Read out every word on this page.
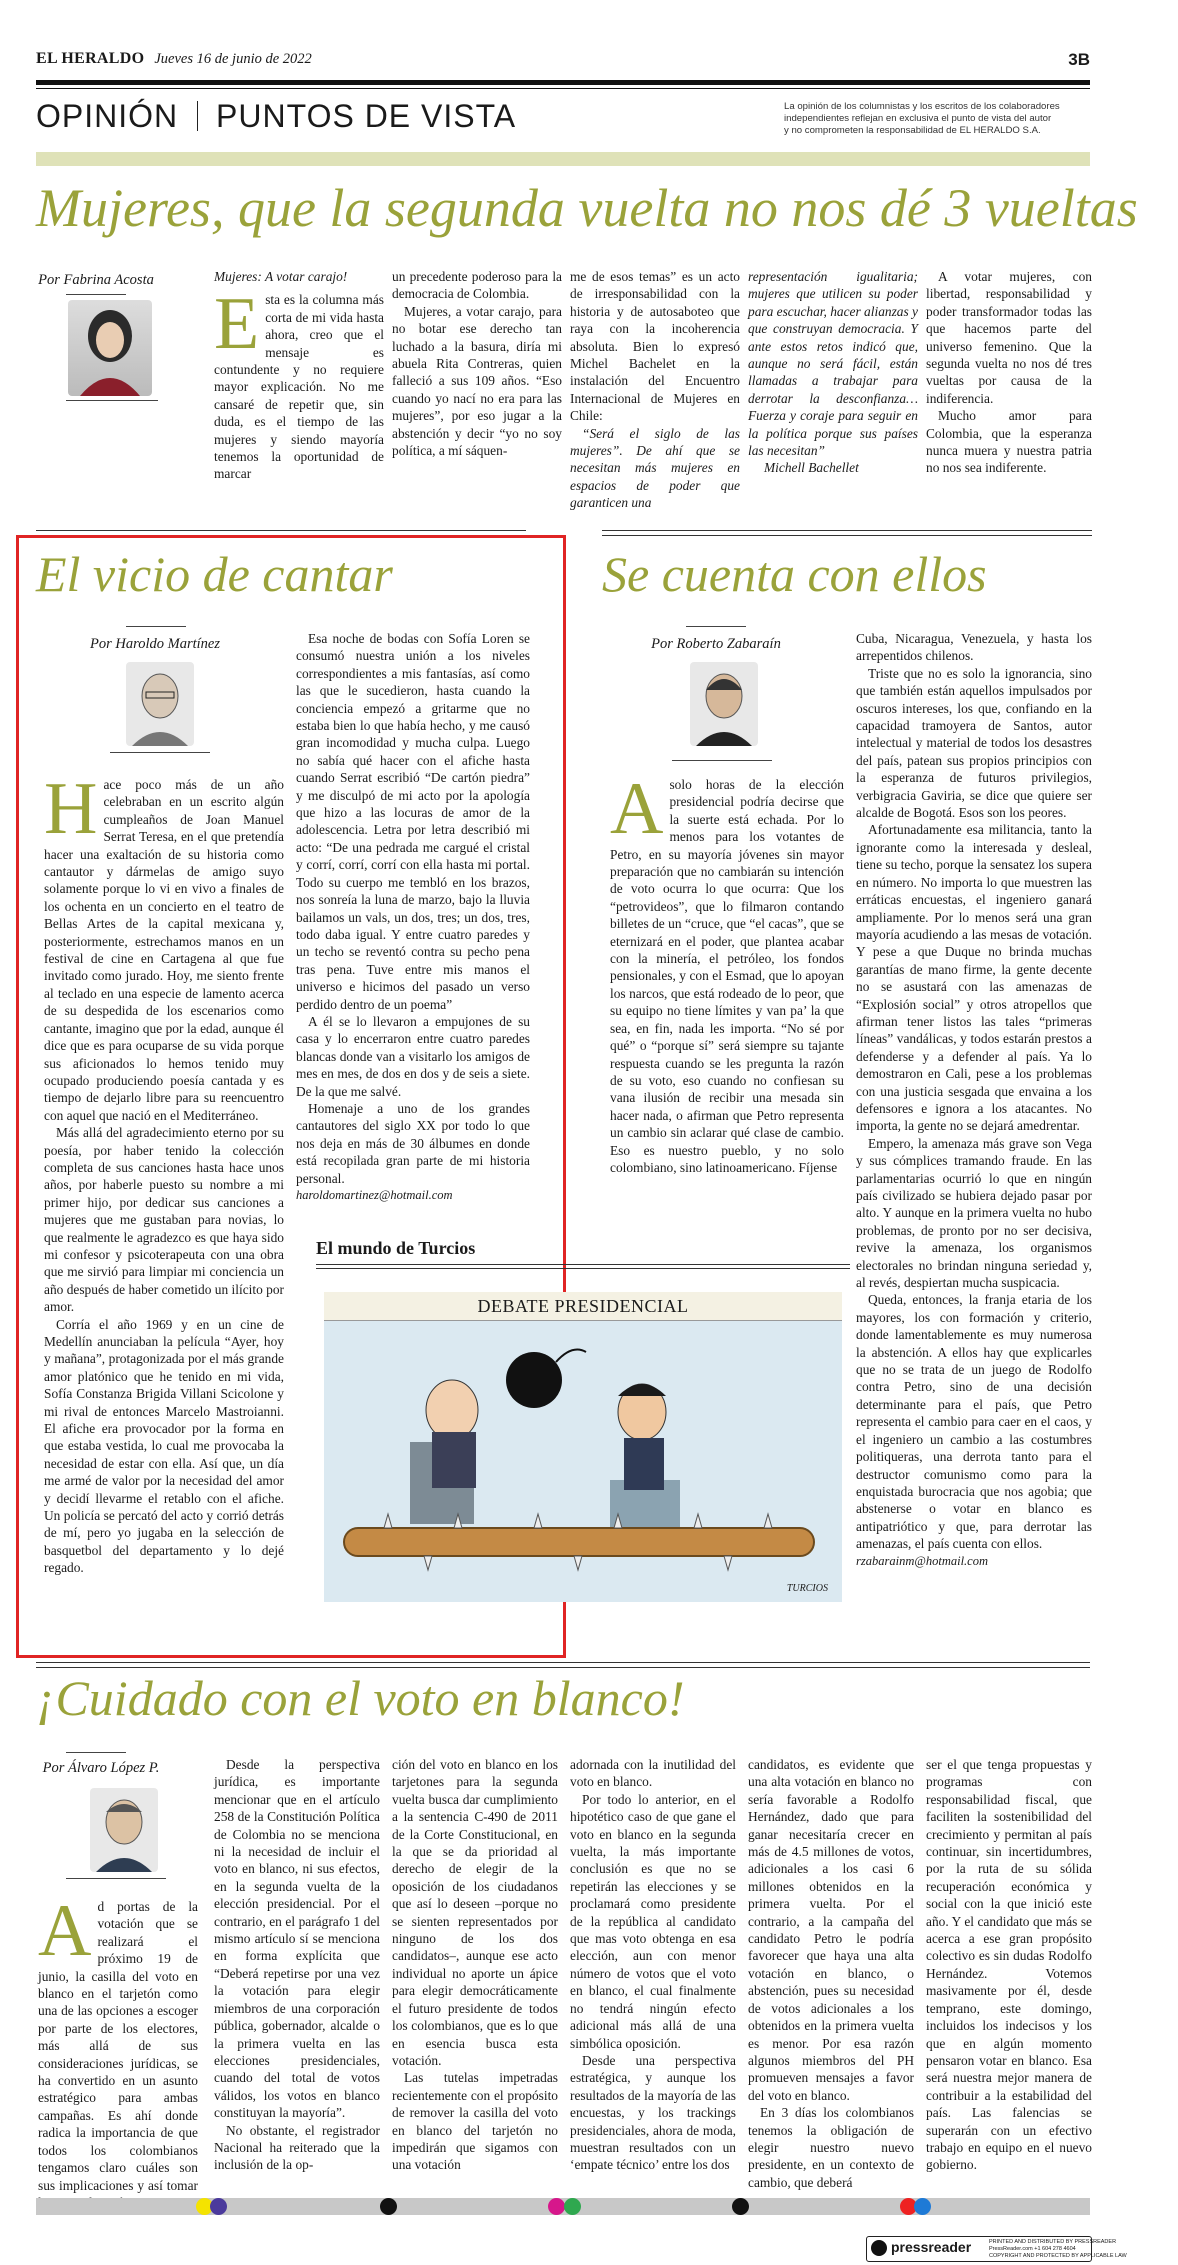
EL HERALDO Jueves 16 de junio de 2022	3B
OPINIÓN PUNTOS DE VISTA	La opinión de los columnistas y los escritos de los colaboradores
independientes reflejan en exclusiva el punto de vista del autor
y no comprometen la responsabilidad de EL HERALDO S.A.
Mujeres, que la segunda vuelta no nos dé 3 vueltas
Por Fabrina Acosta	Mujeres: A votar carajo!

Esta es la columna más corta de mi vida hasta ahora, creo que el mensaje es contundente y no requiere mayor explicación. No me cansaré de repetir que, sin duda, es el tiempo de las mujeres y siendo mayoría tenemos la oportunidad de marcar

un precedente poderoso para la democracia de Colombia.

Mujeres, a votar carajo, para no botar ese derecho tan luchado a la basura, diría mi abuela Rita Contreras, quien falleció a sus 109 años. “Eso cuando yo nací no era para las mujeres”, por eso jugar a la abstención y decir “yo no soy política, a mí sáquen-

me de esos temas” es un acto de irresponsabilidad con la historia y de autosaboteo que raya con la incoherencia absoluta. Bien lo expresó Michel Bachelet en la instalación del Encuentro Internacional de Mujeres en Chile:

“Será el siglo de las mujeres”. De ahí que se necesitan más mujeres en espacios de poder que garanticen una

representación igualitaria; mujeres que utilicen su poder para escuchar, hacer alianzas y que construyan democracia. Y ante estos retos indicó que, aunque no será fácil, están llamadas a trabajar para derrotar la desconfianza… Fuerza y coraje para seguir en la política porque sus países las necesitan”

Michell Bachellet

A votar mujeres, con libertad, responsabilidad y poder transformador todas las que hacemos parte del universo femenino. Que la segunda vuelta no nos dé tres vueltas por causa de la indiferencia.

Mucho amor para Colombia, que la esperanza nunca muera y nuestra patria no nos sea indiferente.

El vicio de cantar
Por Haroldo Martínez

Hace poco más de un año celebraban en un escrito algún cumpleaños de Joan Manuel Serrat Teresa, en el que pretendía hacer una exaltación de su historia como cantautor y dármelas de amigo suyo solamente porque lo vi en vivo a finales de los ochenta en un concierto en el teatro de Bellas Artes de la capital mexicana y, posteriormente, estrechamos manos en un festival de cine en Cartagena al que fue invitado como jurado. Hoy, me siento frente al teclado en una especie de lamento acerca de su despedida de los escenarios como cantante, imagino que por la edad, aunque él dice que es para ocuparse de su vida porque sus aficionados lo hemos tenido muy ocupado produciendo poesía cantada y es tiempo de dejarlo libre para su reencuentro con aquel que nació en el Mediterráneo.

Más allá del agradecimiento eterno por su poesía, por haber tenido la colección completa de sus canciones hasta hace unos años, por haberle puesto su nombre a mi primer hijo, por dedicar sus canciones a mujeres que me gustaban para novias, lo que realmente le agradezco es que haya sido mi confesor y psicoterapeuta con una obra que me sirvió para limpiar mi conciencia un año después de haber cometido un ilícito por amor.

Corría el año 1969 y en un cine de Medellín anunciaban la película “Ayer, hoy y mañana”, protagonizada por el más grande amor platónico que he tenido en mi vida, Sofía Constanza Brigida Villani Scicolone y mi rival de entonces Marcelo Mastroianni. El afiche era provocador por la forma en que estaba vestida, lo cual me provocaba la necesidad de estar con ella. Así que, un día me armé de valor por la necesidad del amor y decidí llevarme el retablo con el afiche. Un policía se percató del acto y corrió detrás de mí, pero yo jugaba en la selección de basquetbol del departamento y lo dejé regado.

Esa noche de bodas con Sofía Loren se consumó nuestra unión a los niveles correspondientes a mis fantasías, así como las que le sucedieron, hasta cuando la conciencia empezó a gritarme que no estaba bien lo que había hecho, y me causó gran incomodidad y mucha culpa. Luego no sabía qué hacer con el afiche hasta cuando Serrat escribió “De cartón piedra” y me disculpó de mi acto por la apología que hizo a las locuras de amor de la adolescencia. Letra por letra describió mi acto: “De una pedrada me cargué el cristal y corrí, corrí, corrí con ella hasta mi portal. Todo su cuerpo me tembló en los brazos, nos sonreía la luna de marzo, bajo la lluvia bailamos un vals, un dos, tres; un dos, tres, todo daba igual. Y entre cuatro paredes y un techo se reventó contra su pecho pena tras pena. Tuve entre mis manos el universo e hicimos del pasado un verso perdido dentro de un poema”

A él se lo llevaron a empujones de su casa y lo encerraron entre cuatro paredes blancas donde van a visitarlo los amigos de mes en mes, de dos en dos y de seis a siete. De la que me salvé.

Homenaje a uno de los grandes cantautores del siglo XX por todo lo que nos deja en más de 30 álbumes en donde está recopilada gran parte de mi historia personal.

haroldomartinez@hotmail.com

El mundo de Turcios
DEBATE PRESIDENCIAL
TURCIOS
Se cuenta con ellos
Por Roberto Zabaraín

Asolo horas de la elección presidencial podría decirse que la suerte está echada. Por lo menos para los votantes de Petro, en su mayoría jóvenes sin mayor preparación que no cambiarán su intención de voto ocurra lo que ocurra: Que los “petrovideos”, que lo filmaron contando billetes de un “cruce, que “el cacas”, que se eternizará en el poder, que plantea acabar con la minería, el petróleo, los fondos pensionales, y con el Esmad, que lo apoyan los narcos, que está rodeado de lo peor, que su equipo no tiene límites y van pa’ la que sea, en fin, nada les importa. “No sé por qué” o “porque sí” será siempre su tajante respuesta cuando se les pregunta la razón de su voto, eso cuando no confiesan su vana ilusión de recibir una mesada sin hacer nada, o afirman que Petro representa un cambio sin aclarar qué clase de cambio. Eso es nuestro pueblo, y no solo colombiano, sino latinoamericano. Fíjense

Cuba, Nicaragua, Venezuela, y hasta los arrepentidos chilenos.

Triste que no es solo la ignorancia, sino que también están aquellos impulsados por oscuros intereses, los que, confiando en la capacidad tramoyera de Santos, autor intelectual y material de todos los desastres del país, patean sus propios principios con la esperanza de futuros privilegios, verbigracia Gaviria, se dice que quiere ser alcalde de Bogotá. Esos son los peores.

Afortunadamente esa militancia, tanto la ignorante como la interesada y desleal, tiene su techo, porque la sensatez los supera en número. No importa lo que muestren las erráticas encuestas, el ingeniero ganará ampliamente. Por lo menos será una gran mayoría acudiendo a las mesas de votación. Y pese a que Duque no brinda muchas garantías de mano firme, la gente decente no se asustará con las amenazas de “Explosión social” y otros atropellos que afirman tener listos las tales “primeras líneas” vandálicas, y todos estarán prestos a defenderse y a defender al país. Ya lo demostraron en Cali, pese a los problemas con una justicia sesgada que envaina a los defensores e ignora a los atacantes. No importa, la gente no se dejará amedrentar.

Empero, la amenaza más grave son Vega y sus cómplices tramando fraude. En las parlamentarias ocurrió lo que en ningún país civilizado se hubiera dejado pasar por alto. Y aunque en la primera vuelta no hubo problemas, de pronto por no ser decisiva, revive la amenaza, los organismos electorales no brindan ninguna seriedad y, al revés, despiertan mucha suspicacia.

Queda, entonces, la franja etaria de los mayores, los con formación y criterio, donde lamentablemente es muy numerosa la abstención. A ellos hay que explicarles que no se trata de un juego de Rodolfo contra Petro, sino de una decisión determinante para el país, que Petro representa el cambio para caer en el caos, y el ingeniero un cambio a las costumbres politiqueras, una derrota tanto para el destructor comunismo como para la enquistada burocracia que nos agobia; que abstenerse o votar en blanco es antipatriótico y que, para derrotar las amenazas, el país cuenta con ellos.

rzabarainm@hotmail.com

¡Cuidado con el voto en blanco!
Por Álvaro López P.

Ad portas de la votación que se realizará el próximo 19 de junio, la casilla del voto en blanco en el tarjetón como una de las opciones a escoger por parte de los electores, más allá de sus consideraciones jurídicas, se ha convertido en un asunto estratégico para ambas campañas. Es ahí donde radica la importancia de que todos los colombianos tengamos claro cuáles son sus implicaciones y así tomar

Desde la perspectiva jurídica, es importante mencionar que en el artículo 258 de la Constitución Política de Colombia no se menciona ni la necesidad de incluir el voto en blanco, ni sus efectos, en la segunda vuelta de la elección presidencial. Por el contrario, en el parágrafo 1 del mismo artículo sí se menciona en forma explícita que “Deberá repetirse por una vez la votación para elegir miembros de una corporación pública, gobernador, alcalde o la primera vuelta en las elecciones presidenciales, cuando del total de votos válidos, los votos en blanco constituyan la mayoría”.

No obstante, el registrador Nacional ha reiterado que la inclusión de la op-

ción del voto en blanco en los tarjetones para la segunda vuelta busca dar cumplimiento a la sentencia C-490 de 2011 de la Corte Constitucional, en la que se da prioridad al derecho de elegir de la oposición de los ciudadanos que así lo deseen –porque no se sienten representados por ninguno de los dos candidatos–, aunque ese acto individual no aporte un ápice para elegir democráticamente el futuro presidente de todos los colombianos, que es lo que en esencia busca esta votación.

Las tutelas impetradas recientemente con el propósito de remover la casilla del voto en blanco del tarjetón no impedirán que sigamos con una votación

adornada con la inutilidad del voto en blanco.

Por todo lo anterior, en el hipotético caso de que gane el voto en blanco en la segunda vuelta, la más importante conclusión es que no se repetirán las elecciones y se proclamará como presidente de la república al candidato que mas voto obtenga en esa elección, aun con menor número de votos que el voto en blanco, el cual finalmente no tendrá ningún efecto adicional más allá de una simbólica oposición.

Desde una perspectiva estratégica, y aunque los resultados de la mayoría de las encuestas, y los trackings presidenciales, ahora de moda, muestran resultados con un ‘empate técnico’ entre los dos

candidatos, es evidente que una alta votación en blanco no sería favorable a Rodolfo Hernández, dado que para ganar necesitaría crecer en más de 4.5 millones de votos, adicionales a los casi 6 millones obtenidos en la primera vuelta. Por el contrario, a la campaña del candidato Petro le podría favorecer que haya una alta votación en blanco, o abstención, pues su necesidad de votos adicionales a los obtenidos en la primera vuelta es menor. Por esa razón algunos miembros del PH promueven mensajes a favor del voto en blanco.

En 3 días los colombianos tenemos la obligación de elegir nuestro nuevo presidente, en un contexto de cambio, que deberá

ser el que tenga propuestas y programas con responsabilidad fiscal, que faciliten la sostenibilidad del crecimiento y permitan al país continuar, sin incertidumbres, por la ruta de su sólida recuperación económica y social con la que inició este año. Y el candidato que más se acerca a ese gran propósito colectivo es sin dudas Rodolfo Hernández. Votemos masivamente por él, desde temprano, este domingo, incluidos los indecisos y los que en algún momento pensaron votar en blanco. Esa será nuestra mejor manera de contribuir a la estabilidad del país. Las falencias se superarán con un efectivo trabajo en equipo en el nuevo gobierno.

pressreader	PRINTED AND DISTRIBUTED BY PRESSREADER
PressReader.com +1 604 278 4604
COPYRIGHT AND PROTECTED BY APPLICABLE LAW
